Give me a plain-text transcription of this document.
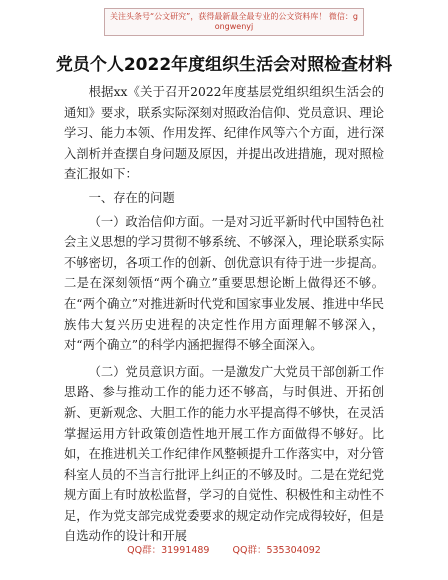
关注头条号“公文研究”，获得最新最全最专业的公文资料库！ 微信：gongwenyj
党员个人2022年度组织生活会对照检查材料

根据xx《关于召开2022年度基层党组织组织生活会的通知》要求，联系实际深刻对照政治信仰、党员意识、理论学习、能力本领、作用发挥、纪律作风等六个方面，进行深入剖析并查摆自身问题及原因，并提出改进措施，现对照检查汇报如下：

一、存在的问题

（一）政治信仰方面。一是对习近平新时代中国特色社会主义思想的学习贯彻不够系统、不够深入，理论联系实际不够密切，各项工作的创新、创优意识有待于进一步提高。二是在深刻领悟“两个确立”重要思想论断上做得还不够。在“两个确立”对推进新时代党和国家事业发展、推进中华民族伟大复兴历史进程的决定性作用方面理解不够深入，对“两个确立”的科学内涵把握得不够全面深入。

（二）党员意识方面。一是激发广大党员干部创新工作思路、参与推动工作的能力还不够高，与时俱进、开拓创新、更新观念、大胆工作的能力水平提高得不够快，在灵活掌握运用方针政策创造性地开展工作方面做得不够好。比如，在推进机关工作纪律作风整顿提升工作落实中，对分管科室人员的不当言行批评上纠正的不够及时。二是在党纪党规方面上有时放松监督，学习的自觉性、积极性和主动性不足，作为党支部完成党委要求的规定动作完成得较好，但是自选动作的设计和开展

QQ群：31991489 QQ群：535304092
